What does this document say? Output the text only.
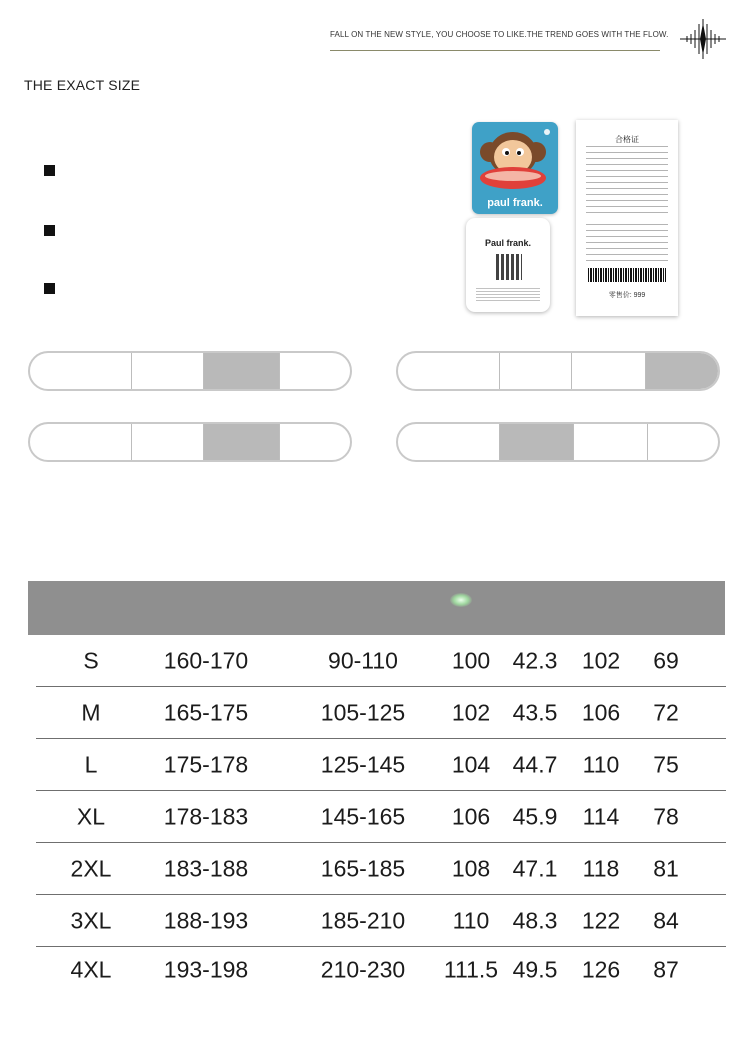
FALL ON THE NEW STYLE, YOU CHOOSE TO LIKE.THE TREND GOES WITH THE FLOW.
THE EXACT SIZE
paul frank.
Paul frank.
合格证
零售价: 999
S	160-170	90-110 100 42.3 102 69
M	165-175	105-125 102 43.5 106 72
L	175-178	125-145 104 44.7 110 75
XL	178-183	145-165 106 45.9 114 78
2XL 183-188	165-185 108 47.1 118 81
3XL 188-193	185-210 110 48.3 122 84
4XL 193-198	210-230 111.5 49.5 126 87
